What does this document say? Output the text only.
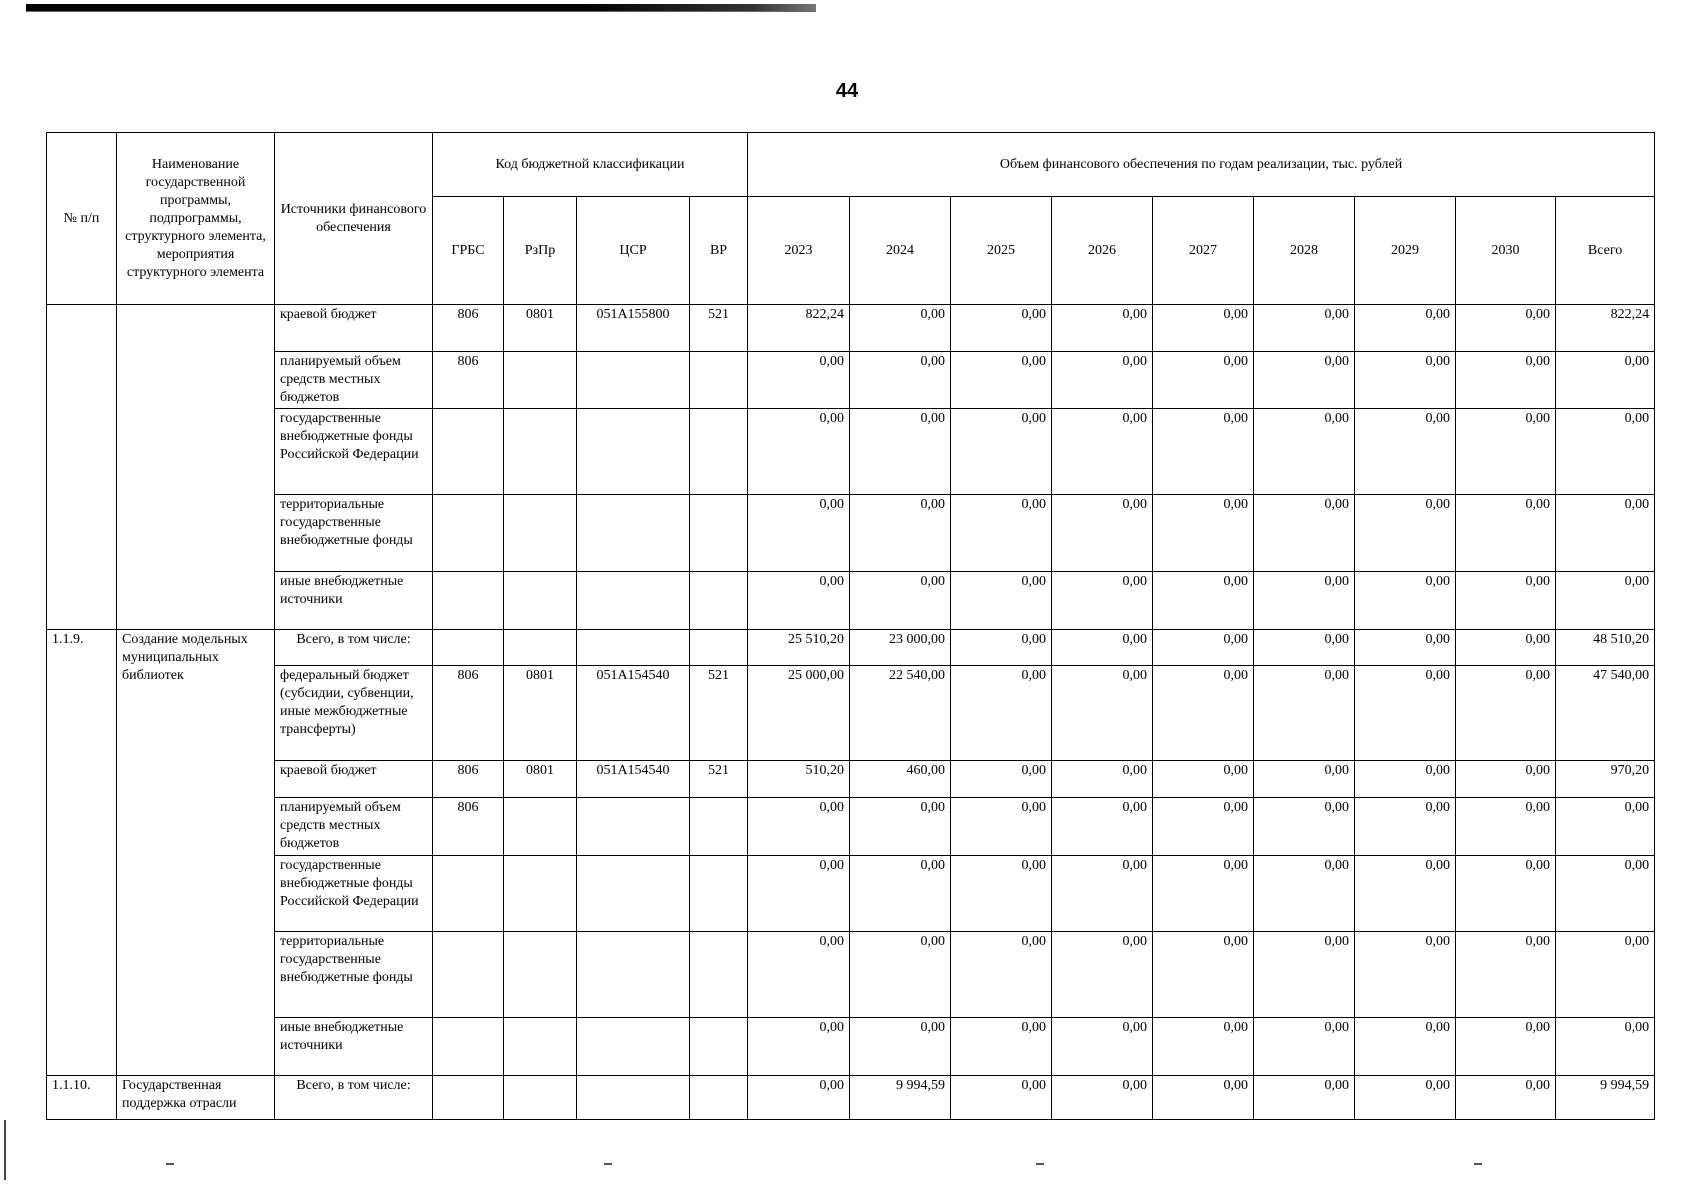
44
№ п/п	Наименование государственной программы, подпрограммы, структурного элемента, мероприятия структурного элемента	Источники финансового обеспечения	Код бюджетной классификации				Объем финансового обеспечения по годам реализации, тыс. рублей								
			ГРБС	РзПр	ЦСР	ВР	2023	2024	2025	2026	2027	2028	2029	2030	Всего
		краевой бюджет	806	0801	051А155800	521	822,24	0,00	0,00	0,00	0,00	0,00	0,00	0,00	822,24
		планируемый объем средств местных бюджетов	806				0,00	0,00	0,00	0,00	0,00	0,00	0,00	0,00	0,00
		государственные внебюджетные фонды Российской Федерации					0,00	0,00	0,00	0,00	0,00	0,00	0,00	0,00	0,00
		территориальные государственные внебюджетные фонды					0,00	0,00	0,00	0,00	0,00	0,00	0,00	0,00	0,00
		иные внебюджетные источники					0,00	0,00	0,00	0,00	0,00	0,00	0,00	0,00	0,00
1.1.9.	Создание модельных муниципальных библиотек	Всего, в том числе:					25 510,20	23 000,00	0,00	0,00	0,00	0,00	0,00	0,00	48 510,20
		федеральный бюджет (субсидии, субвенции, иные межбюджетные трансферты)	806	0801	051А154540	521	25 000,00	22 540,00	0,00	0,00	0,00	0,00	0,00	0,00	47 540,00
		краевой бюджет	806	0801	051А154540	521	510,20	460,00	0,00	0,00	0,00	0,00	0,00	0,00	970,20
		планируемый объем средств местных бюджетов	806				0,00	0,00	0,00	0,00	0,00	0,00	0,00	0,00	0,00
		государственные внебюджетные фонды Российской Федерации					0,00	0,00	0,00	0,00	0,00	0,00	0,00	0,00	0,00
		территориальные государственные внебюджетные фонды					0,00	0,00	0,00	0,00	0,00	0,00	0,00	0,00	0,00
		иные внебюджетные источники					0,00	0,00	0,00	0,00	0,00	0,00	0,00	0,00	0,00
1.1.10.	Государственная поддержка отрасли	Всего, в том числе:					0,00	9 994,59	0,00	0,00	0,00	0,00	0,00	0,00	9 994,59
